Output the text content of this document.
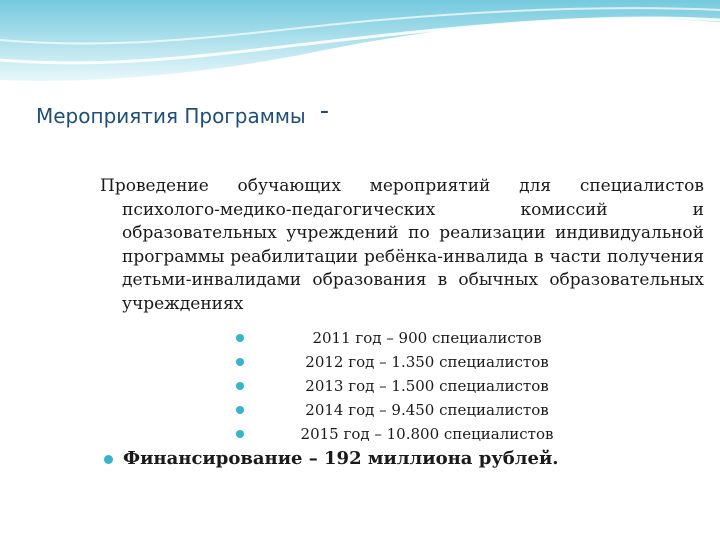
Мероприятия Программы -

Проведение обучающих мероприятий для специалистов психолого-медико-педагогических комиссий и образовательных учреждений по реализации индивидуальной программы реабилитации ребёнка-инвалида в части получения детьми-инвалидами образования в обычных образовательных учреждениях

2011 год – 900 специалистов
2012 год – 1.350 специалистов
2013 год – 1.500 специалистов
2014 год – 9.450 специалистов
2015 год – 10.800 специалистов
Финансирование – 192 миллиона рублей.
